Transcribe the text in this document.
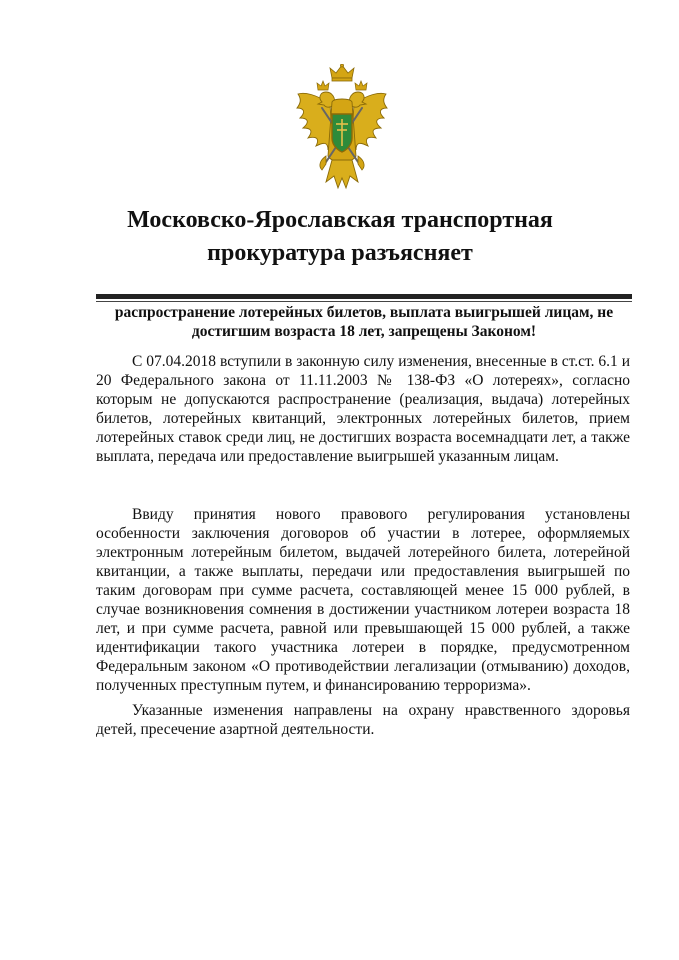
Московско-Ярославская транспортная
прокуратура разъясняет

распространение лотерейных билетов, выплата выигрышей лицам, не
достигшим возраста 18 лет, запрещены Законом!

С 07.04.2018 вступили в законную силу изменения, внесенные в ст.ст. 6.1 и 20 Федерального закона от 11.11.2003 № 138-ФЗ «О лотереях», согласно которым не допускаются распространение (реализация, выдача) лотерейных билетов, лотерейных квитанций, электронных лотерейных билетов, прием лотерейных ставок среди лиц, не достигших возраста восемнадцати лет, а также выплата, передача или предоставление выигрышей указанным лицам.

Ввиду принятия нового правового регулирования установлены особенности заключения договоров об участии в лотерее, оформляемых электронным лотерейным билетом, выдачей лотерейного билета, лотерейной квитанции, а также выплаты, передачи или предоставления выигрышей по таким договорам при сумме расчета, составляющей менее 15 000 рублей, в случае возникновения сомнения в достижении участником лотереи возраста 18 лет, и при сумме расчета, равной или превышающей 15 000 рублей, а также идентификации такого участника лотереи в порядке, предусмотренном Федеральным законом «О противодействии легализации (отмыванию) доходов, полученных преступным путем, и финансированию терроризма».

Указанные изменения направлены на охрану нравственного здоровья детей, пресечение азартной деятельности.
